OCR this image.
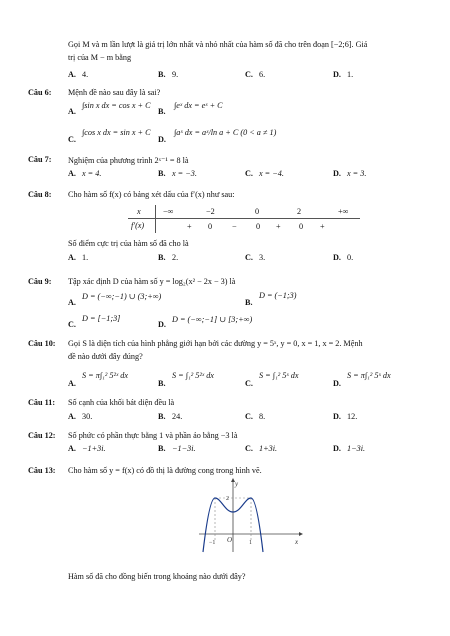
Gọi M và m lần lượt là giá trị lớn nhất và nhỏ nhất của hàm số đã cho trên đoạn [−2;6]. Giá
trị của M − m bằng
A. 4.	B. 9.	C. 6.	D. 1.
Câu 6: Mệnh đề nào sau đây là sai?
A.
∫sin x dx = cos x + C
B.
∫eˣ dx = eˣ + C
C.
∫cos x dx = sin x + C
D.
∫aˣ dx = aˣ/ln a + C (0 < a ≠ 1)
Câu 7: Nghiệm của phương trình 2ˣ⁻¹ = 8 là
A. x = 4.	B. x = −3.	C. x = −4.	D. x = 3.
Câu 8: Cho hàm số f(x) có bảng xét dấu của f′(x) như sau:
x	−∞	−2	0	2	+∞
f′(x)	+ 0 − 0 + 0 +
Số điểm cực trị của hàm số đã cho là
A. 1.	B. 2.	C. 3.	D. 0.
Câu 9: Tập xác định D của hàm số y = log₂(x² − 2x − 3) là
A.
D = (−∞;−1) ∪ (3;+∞)
B.
D = (−1;3)
C.
D = [−1;3]
D.
D = (−∞;−1] ∪ [3;+∞)
Câu 10: Gọi S là diện tích của hình phẳng giới hạn bởi các đường y = 5ˣ, y = 0, x = 1, x = 2. Mệnh
đề nào dưới đây đúng?
A.
S = π∫₁² 5²ˣ dx
B.
S = ∫₁² 5²ˣ dx
C.
S = ∫₁² 5ˣ dx
D.
S = π∫₁² 5ˣ dx
Câu 11: Số cạnh của khối bát diện đều là
A. 30.	B. 24.	C. 8.	D. 12.
Câu 12: Số phức có phần thực bằng 1 và phần ảo bằng −3 là
A. −1+3i.	B. −1−3i.	C. 1+3i.	D. 1−3i.
Câu 13: Cho hàm số y = f(x) có đồ thị là đường cong trong hình vẽ.
y
x
O
−1	1
2
Hàm số đã cho đồng biến trong khoảng nào dưới đây?
